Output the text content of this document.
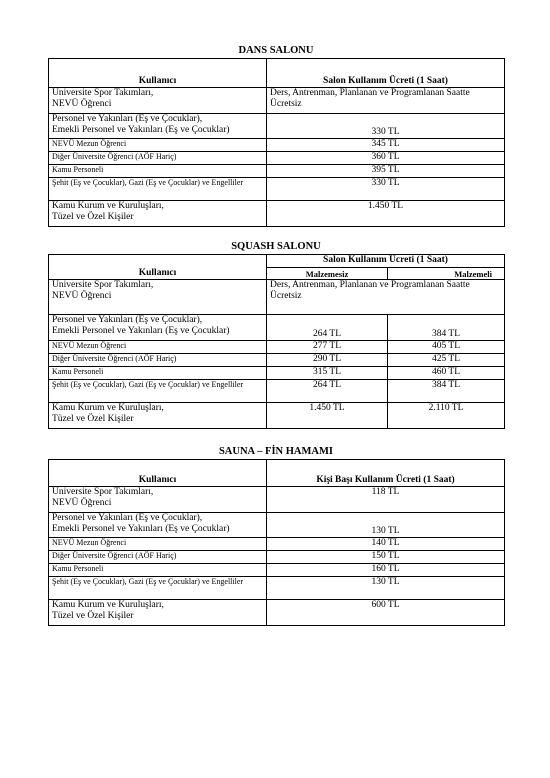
DANS SALONU
Kullanıcı	Salon Kullanım Ücreti (1 Saat)
Üniversite Spor Takımları,
NEVÜ Öğrenci	Ders, Antrenman, Planlanan ve Programlanan Saatte Ücretsiz
Personel ve Yakınları (Eş ve Çocuklar),
Emekli Personel ve Yakınları (Eş ve Çocuklar)	330 TL
NEVÜ Mezun Öğrenci	345 TL
Diğer Üniversite Öğrenci (AÖF Hariç)	360 TL
Kamu Personeli	395 TL
Şehit (Eş ve Çocuklar), Gazi (Eş ve Çocuklar) ve Engelliler	330 TL
Kamu Kurum ve Kuruluşları,
Tüzel ve Özel Kişiler	1.450 TL
SQUASH SALONU
Kullanıcı	Salon Kullanım Ücreti (1 Saat)	
	Malzemesiz	Malzemeli
Üniversite Spor Takımları,
NEVÜ Öğrenci	Ders, Antrenman, Planlanan ve Programlanan Saatte Ücretsiz	
Personel ve Yakınları (Eş ve Çocuklar),
Emekli Personel ve Yakınları (Eş ve Çocuklar)	264 TL	384 TL
NEVÜ Mezun Öğrenci	277 TL	405 TL
Diğer Üniversite Öğrenci (AÖF Hariç)	290 TL	425 TL
Kamu Personeli	315 TL	460 TL
Şehit (Eş ve Çocuklar), Gazi (Eş ve Çocuklar) ve Engelliler	264 TL	384 TL
Kamu Kurum ve Kuruluşları,
Tüzel ve Özel Kişiler	1.450 TL	2.110 TL
SAUNA – FİN HAMAMI
Kullanıcı	Kişi Başı Kullanım Ücreti (1 Saat)
Üniversite Spor Takımları,
NEVÜ Öğrenci	118 TL
Personel ve Yakınları (Eş ve Çocuklar),
Emekli Personel ve Yakınları (Eş ve Çocuklar)	130 TL
NEVÜ Mezun Öğrenci	140 TL
Diğer Üniversite Öğrenci (AÖF Hariç)	150 TL
Kamu Personeli	160 TL
Şehit (Eş ve Çocuklar), Gazi (Eş ve Çocuklar) ve Engelliler	130 TL
Kamu Kurum ve Kuruluşları,
Tüzel ve Özel Kişiler	600 TL
